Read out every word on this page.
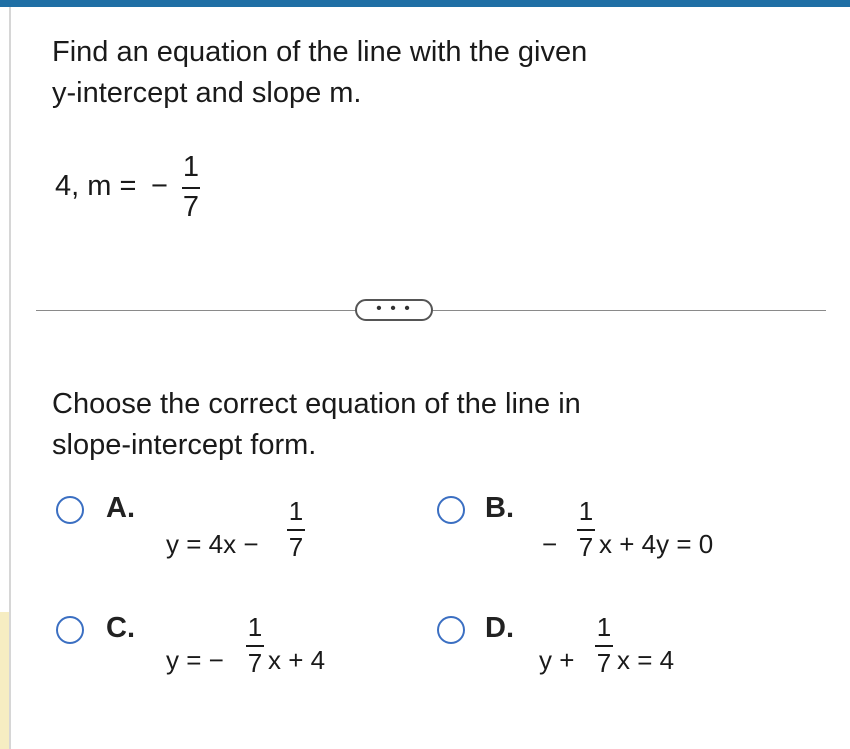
Find an equation of the line with the given y-intercept and slope m.
4, m = −
1
7
• • •
Choose the correct equation of the line in slope-intercept form.
A.
y = 4x −
1
7
B.
−
1
7 x + 4y = 0
C.
y = −
1
7 x + 4
D.
y +
1
7 x = 4
